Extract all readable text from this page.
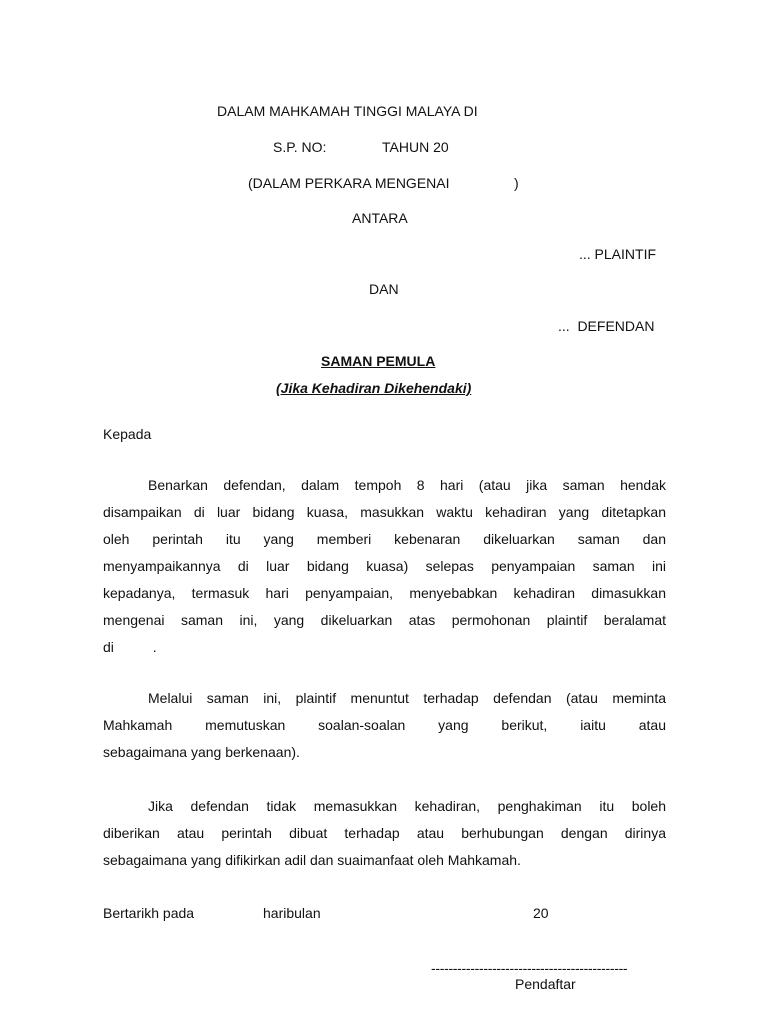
DALAM MAHKAMAH TINGGI MALAYA DI
S.P. NO:	TAHUN 20
(DALAM PERKARA MENGENAI	)
ANTARA
... PLAINTIF
DAN
...  DEFENDAN
SAMAN PEMULA
(Jika Kehadiran Dikehendaki)
Kepada
Benarkan defendan, dalam tempoh 8 hari (atau jika saman hendak
disampaikan di luar bidang kuasa, masukkan waktu kehadiran yang ditetapkan
oleh perintah itu yang memberi kebenaran dikeluarkan saman dan
menyampaikannya di luar bidang kuasa) selepas penyampaian saman ini
kepadanya, termasuk hari penyampaian, menyebabkan kehadiran dimasukkan
mengenai saman ini, yang dikeluarkan atas permohonan plaintif beralamat
di          .
Melalui saman ini, plaintif menuntut terhadap defendan (atau meminta
Mahkamah memutuskan soalan-soalan yang berikut, iaitu atau
sebagaimana yang berkenaan).
Jika defendan tidak memasukkan kehadiran, penghakiman itu boleh
diberikan atau perintah dibuat terhadap atau berhubungan dengan dirinya
sebagaimana yang difikirkan adil dan suaimanfaat oleh Mahkamah.
Bertarikh pada	haribulan	20
---------------------------------------------
Pendaftar
